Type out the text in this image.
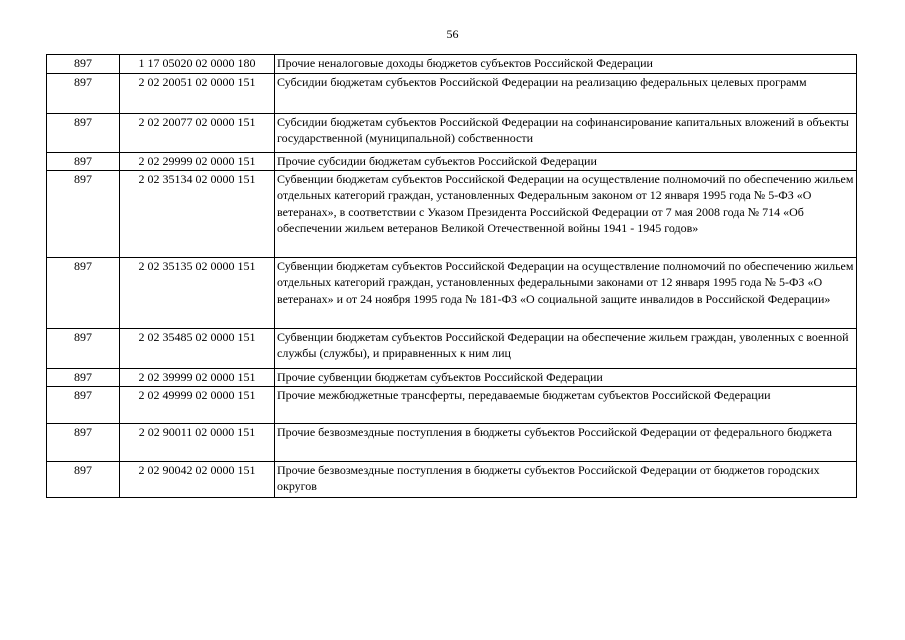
56
897	1 17 05020 02 0000 180	Прочие неналоговые доходы бюджетов субъектов Российской Федерации
897	2 02 20051 02 0000 151	Субсидии бюджетам субъектов Российской Федерации на реализацию федеральных целевых программ
897	2 02 20077 02 0000 151	Субсидии бюджетам субъектов Российской Федерации на софинансирование капитальных вложений в объекты государственной (муниципальной) собственности
897	2 02 29999 02 0000 151	Прочие субсидии бюджетам субъектов Российской Федерации
897	2 02 35134 02 0000 151	Субвенции бюджетам субъектов Российской Федерации на осуществление полномочий по обеспечению жильем отдельных категорий граждан, установленных Федеральным законом от 12 января 1995 года № 5-ФЗ «О ветеранах», в соответствии с Указом Президента Российской Федерации от 7 мая 2008 года № 714 «Об обеспечении жильем ветеранов Великой Отечественной войны 1941 - 1945 годов»
897	2 02 35135 02 0000 151	Субвенции бюджетам субъектов Российской Федерации на осуществление полномочий по обеспечению жильем отдельных категорий граждан, установленных федеральными законами от 12 января 1995 года № 5-ФЗ «О ветеранах» и от 24 ноября 1995 года № 181-ФЗ «О социальной защите инвалидов в Российской Федерации»
897	2 02 35485 02 0000 151	Субвенции бюджетам субъектов Российской Федерации на обеспечение жильем граждан, уволенных с военной службы (службы), и приравненных к ним лиц
897	2 02 39999 02 0000 151	Прочие субвенции бюджетам субъектов Российской Федерации
897	2 02 49999 02 0000 151	Прочие межбюджетные трансферты, передаваемые бюджетам субъектов Российской Федерации
897	2 02 90011 02 0000 151	Прочие безвозмездные поступления в бюджеты субъектов Российской Федерации от федерального бюджета
897	2 02 90042 02 0000 151	Прочие безвозмездные поступления в бюджеты субъектов Российской Федерации от бюджетов городских округов
